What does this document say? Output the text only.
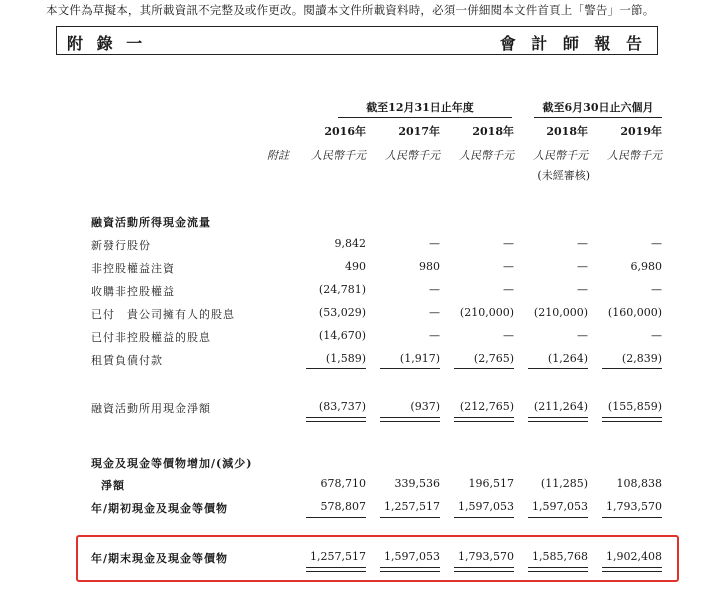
本文件為草擬本，其所載資訊不完整及或作更改。閱讀本文件所載資料時，必須一併細閱本文件首頁上「警告」一節。
附 錄 一	會 計 師 報 告
截至12月31日止年度	截至6月30日止六個月
2016年	2017年	2018年	2018年	2019年
附註	人民幣千元	人民幣千元	人民幣千元	人民幣千元	人民幣千元
(未經審核)
融資活動所得現金流量
新發行股份	9,842	—	—	—	—
非控股權益注資	490	980	—	—	6,980
收購非控股權益	(24,781)	—	—	—	—
已付　貴公司擁有人的股息	(53,029)	—	(210,000)	(210,000)	(160,000)
已付非控股權益的股息	(14,670)	—	—	—	—
租賃負債付款	(1,589)	(1,917)	(2,765)	(1,264)	(2,839)
融資活動所用現金淨額	(83,737)	(937)	(212,765)	(211,264)	(155,859)
現金及現金等價物增加/(減少)
淨額	678,710	339,536	196,517	(11,285)	108,838
年/期初現金及現金等價物	578,807	1,257,517	1,597,053	1,597,053	1,793,570
年/期末現金及現金等價物	1,257,517	1,597,053	1,793,570	1,585,768	1,902,408
